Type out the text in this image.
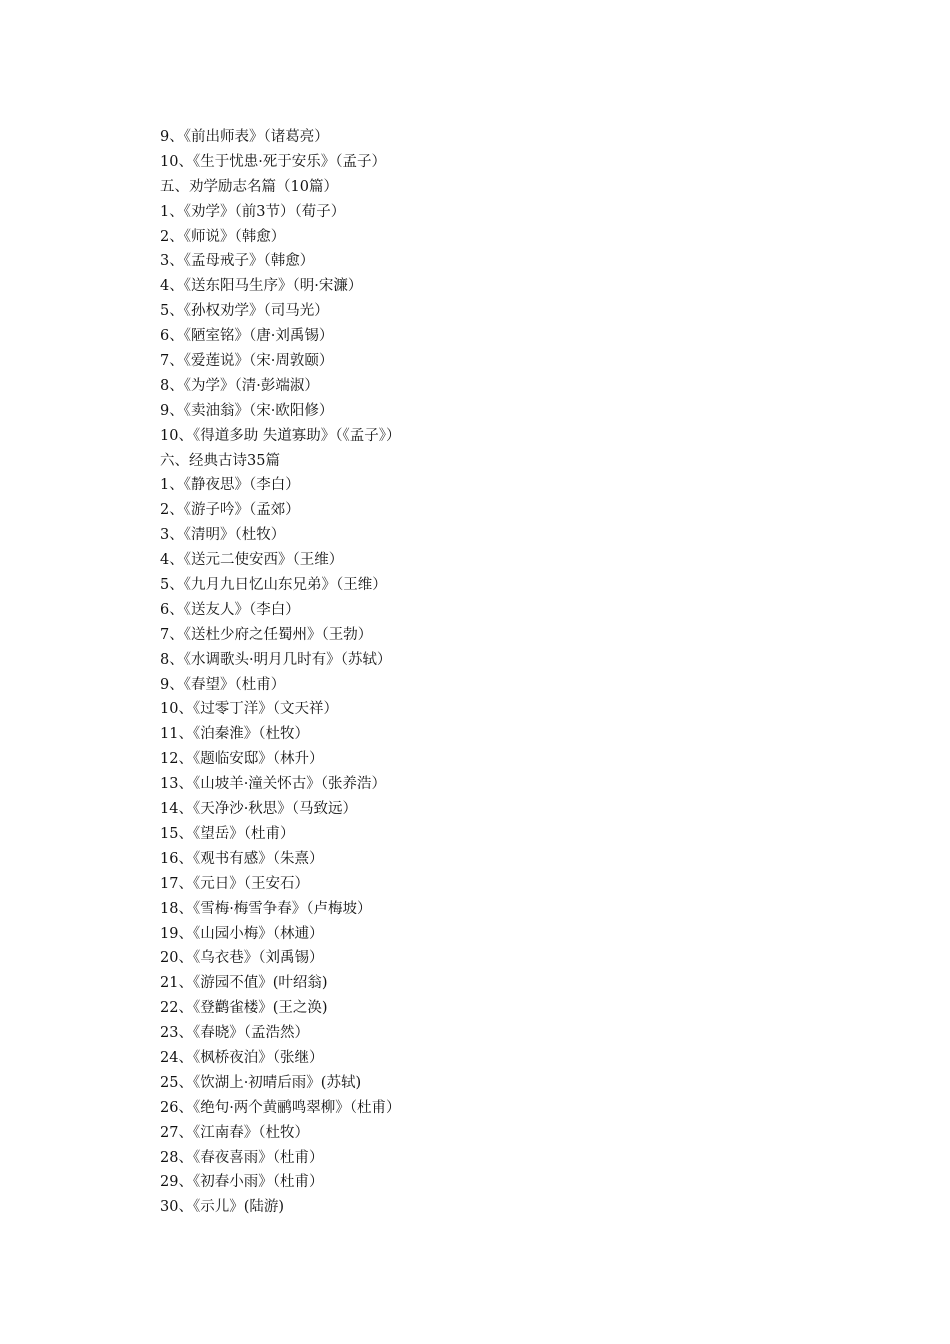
9、《前出师表》（诸葛亮）
10、《生于忧患·死于安乐》（孟子）
五、劝学励志名篇（10篇）
1、《劝学》（前3节）（荀子）
2、《师说》（韩愈）
3、《孟母戒子》（韩愈）
4、《送东阳马生序》（明·宋濂）
5、《孙权劝学》（司马光）
6、《陋室铭》（唐·刘禹锡）
7、《爱莲说》（宋·周敦颐）
8、《为学》（清·彭端淑）
9、《卖油翁》（宋·欧阳修）
10、《得道多助 失道寡助》（《孟子》）
六、经典古诗35篇
1、《静夜思》（李白）
2、《游子吟》（孟郊）
3、《清明》（杜牧）
4、《送元二使安西》（王维）
5、《九月九日忆山东兄弟》（王维）
6、《送友人》（李白）
7、《送杜少府之任蜀州》（王勃）
8、《水调歌头·明月几时有》（苏轼）
9、《春望》（杜甫）
10、《过零丁洋》（文天祥）
11、《泊秦淮》（杜牧）
12、《题临安邸》（林升）
13、《山坡羊·潼关怀古》（张养浩）
14、《天净沙·秋思》（马致远）
15、《望岳》（杜甫）
16、《观书有感》（朱熹）
17、《元日》（王安石）
18、《雪梅·梅雪争春》（卢梅坡）
19、《山园小梅》（林逋）
20、《乌衣巷》（刘禹锡）
21、《游园不值》(叶绍翁)
22、《登鹳雀楼》(王之涣)
23、《春晓》（孟浩然）
24、《枫桥夜泊》（张继）
25、《饮湖上·初晴后雨》(苏轼)
26、《绝句·两个黄鹂鸣翠柳》（杜甫）
27、《江南春》（杜牧）
28、《春夜喜雨》（杜甫）
29、《初春小雨》（杜甫）
30、《示儿》(陆游)
